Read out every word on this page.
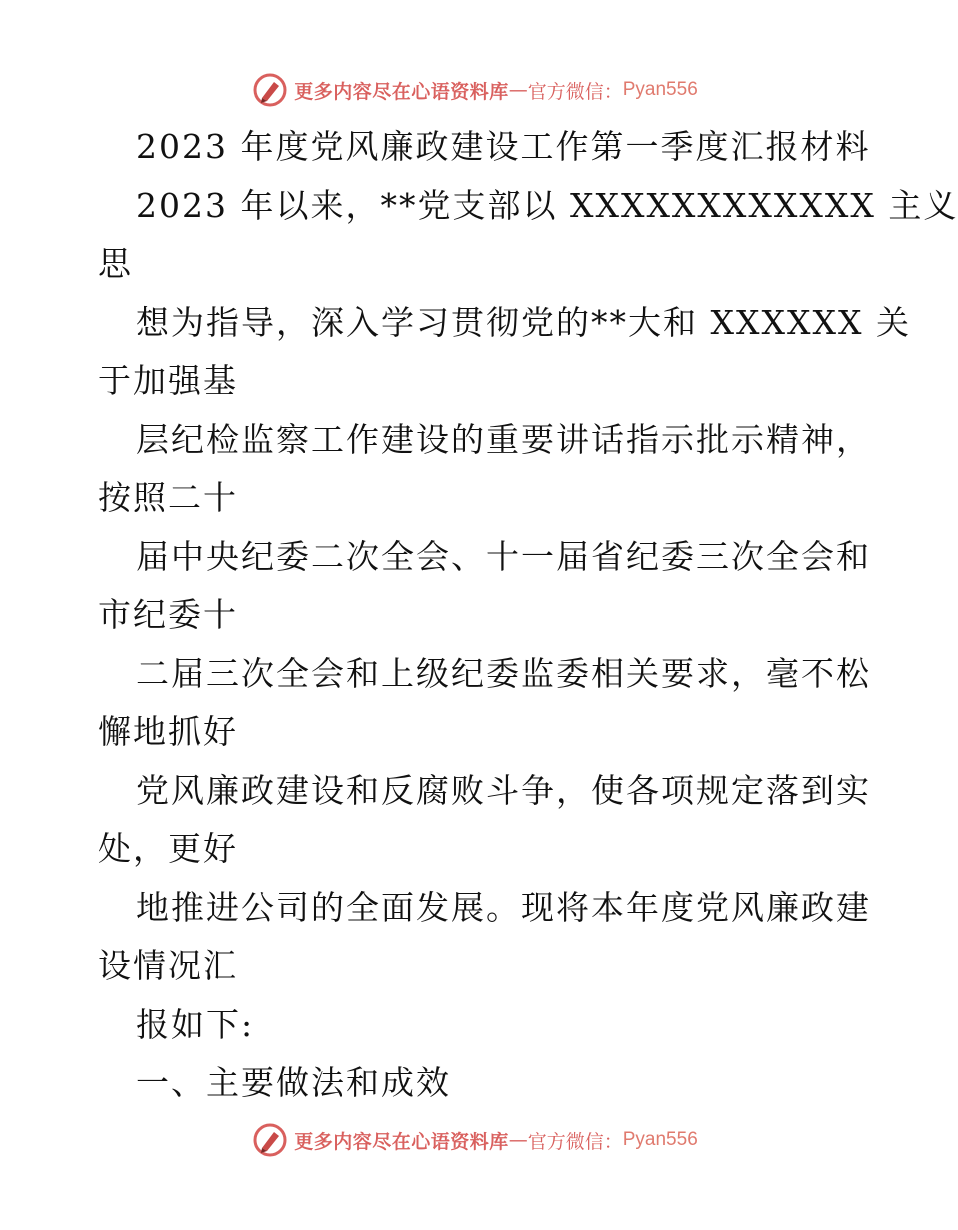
更多内容尽在心语资料库 — 官方微信： Pyan556
2023 年度党风廉政建设工作第一季度汇报材料
2023 年以来，**党支部以 XXXXXXXXXXXX 主义
思
想为指导，深入学习贯彻党的**大和 XXXXXX 关
于加强基
层纪检监察工作建设的重要讲话指示批示精神，
按照二十
届中央纪委二次全会、十一届省纪委三次全会和
市纪委十
二届三次全会和上级纪委监委相关要求，毫不松
懈地抓好
党风廉政建设和反腐败斗争，使各项规定落到实
处，更好
地推进公司的全面发展。现将本年度党风廉政建
设情况汇
报如下:
一、主要做法和成效
更多内容尽在心语资料库 — 官方微信： Pyan556
